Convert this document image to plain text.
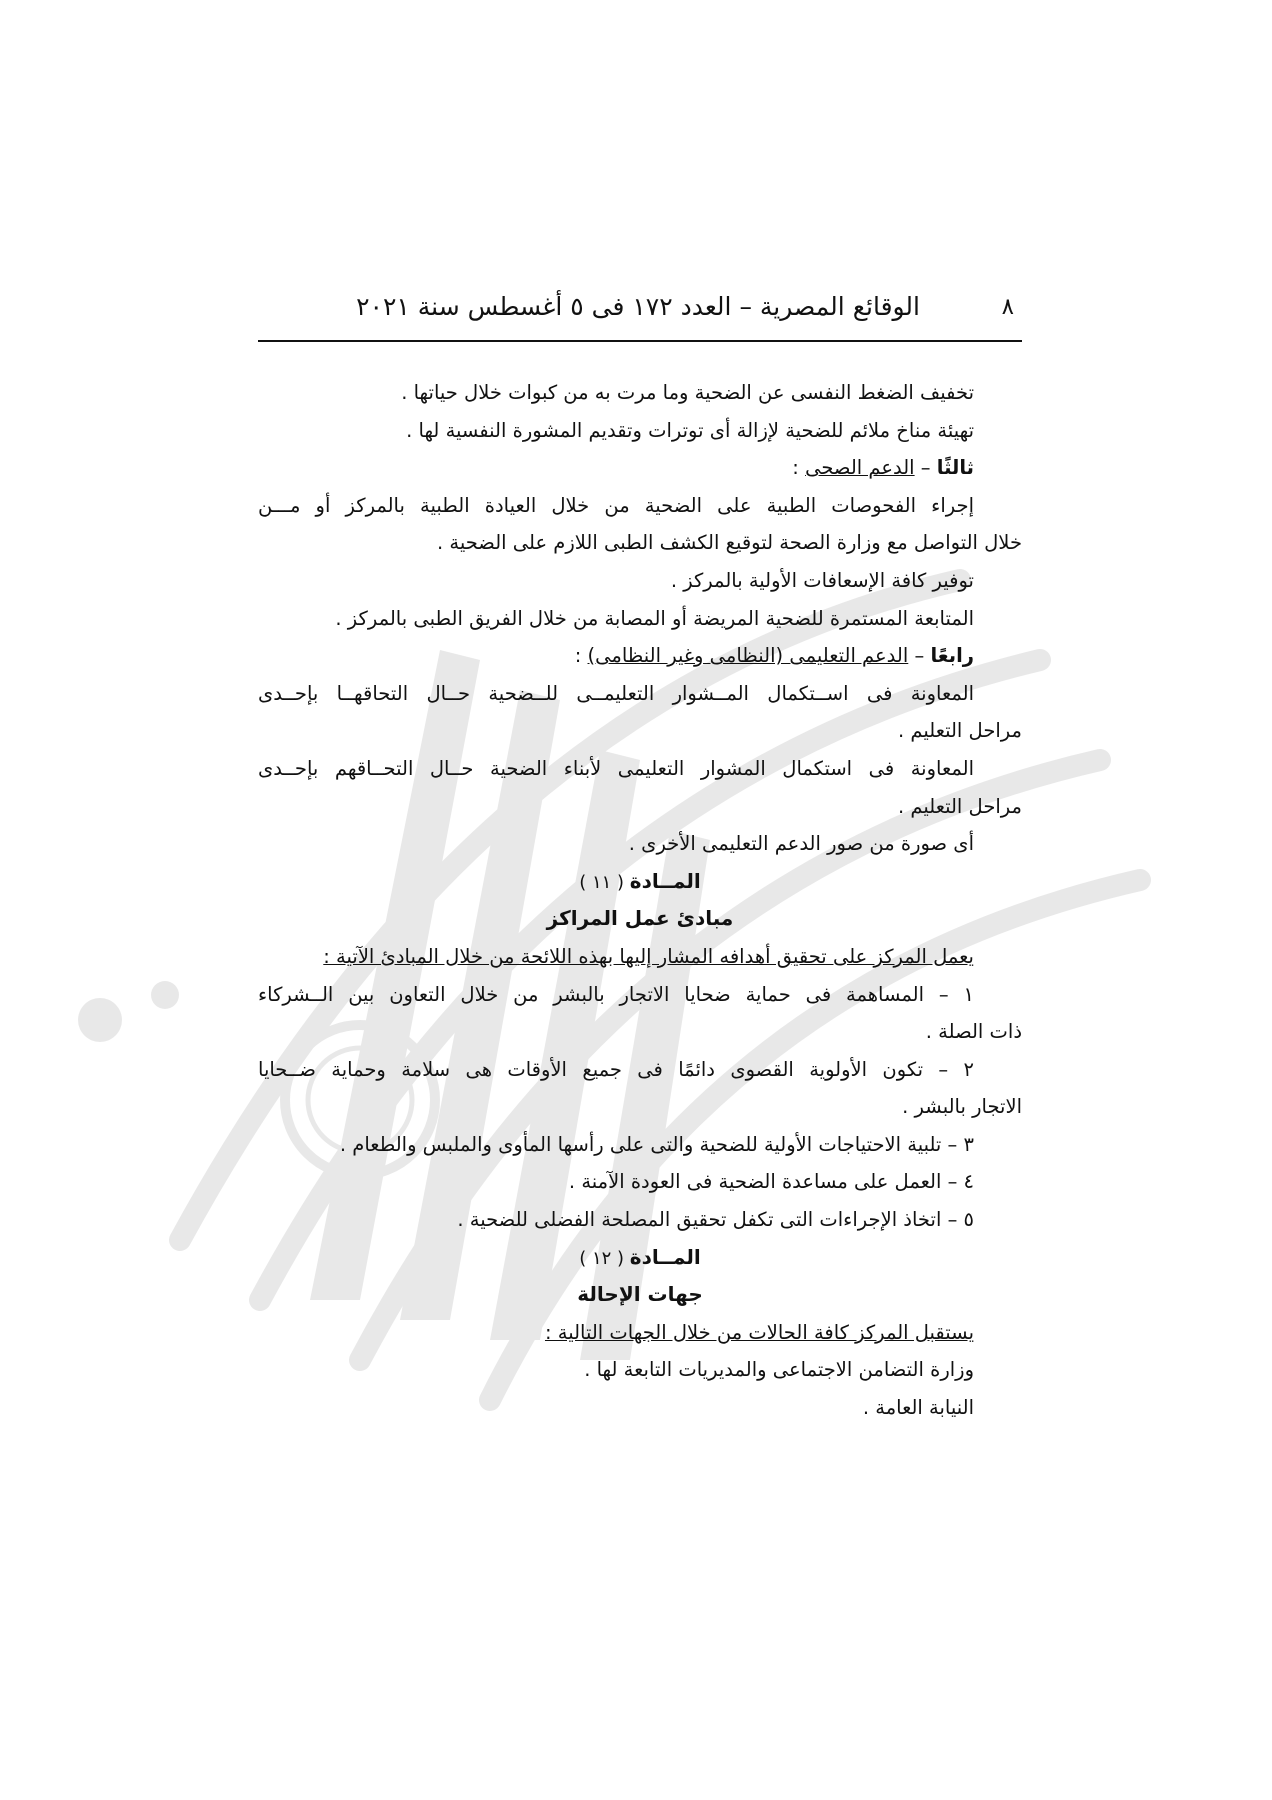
٨
الوقائع المصرية – العدد ١٧٢ فى ٥ أغسطس سنة ٢٠٢١
تخفيف الضغط النفسى عن الضحية وما مرت به من كبوات خلال حياتها .
تهيئة مناخ ملائم للضحية لإزالة أى توترات وتقديم المشورة النفسية لها .
ثالثًا – الدعم الصحى :
إجراء الفحوصات الطبية على الضحية من خلال العيادة الطبية بالمركز أو مـــن
خلال التواصل مع وزارة الصحة لتوقيع الكشف الطبى اللازم على الضحية .
توفير كافة الإسعافات الأولية بالمركز .
المتابعة المستمرة للضحية المريضة أو المصابة من خلال الفريق الطبى بالمركز .
رابعًا – الدعم التعليمى (النظامى وغير النظامى) :
المعاونة فى اســتكمال المــشوار التعليمــى للــضحية حــال التحاقهــا بإحــدى
مراحل التعليم .
المعاونة فى استكمال المشوار التعليمى لأبناء الضحية حــال التحــاقهم بإحــدى
مراحل التعليم .
أى صورة من صور الدعم التعليمى الأخرى .
المــادة ( ١١ )
مبادئ عمل المراكز
يعمل المركز على تحقيق أهدافه المشار إليها بهذه اللائحة من خلال المبادئ الآتية :
١ – المساهمة فى حماية ضحايا الاتجار بالبشر من خلال التعاون بين الــشركاء
ذات الصلة .
٢ – تكون الأولوية القصوى دائمًا فى جميع الأوقات هى سلامة وحماية ضــحايا
الاتجار بالبشر .
٣ – تلبية الاحتياجات الأولية للضحية والتى على رأسها المأوى والملبس والطعام .
٤ – العمل على مساعدة الضحية فى العودة الآمنة .
٥ – اتخاذ الإجراءات التى تكفل تحقيق المصلحة الفضلى للضحية .
المــادة ( ١٢ )
جهات الإحالة
يستقبل المركز كافة الحالات من خلال الجهات التالية :
وزارة التضامن الاجتماعى والمديريات التابعة لها .
النيابة العامة .
